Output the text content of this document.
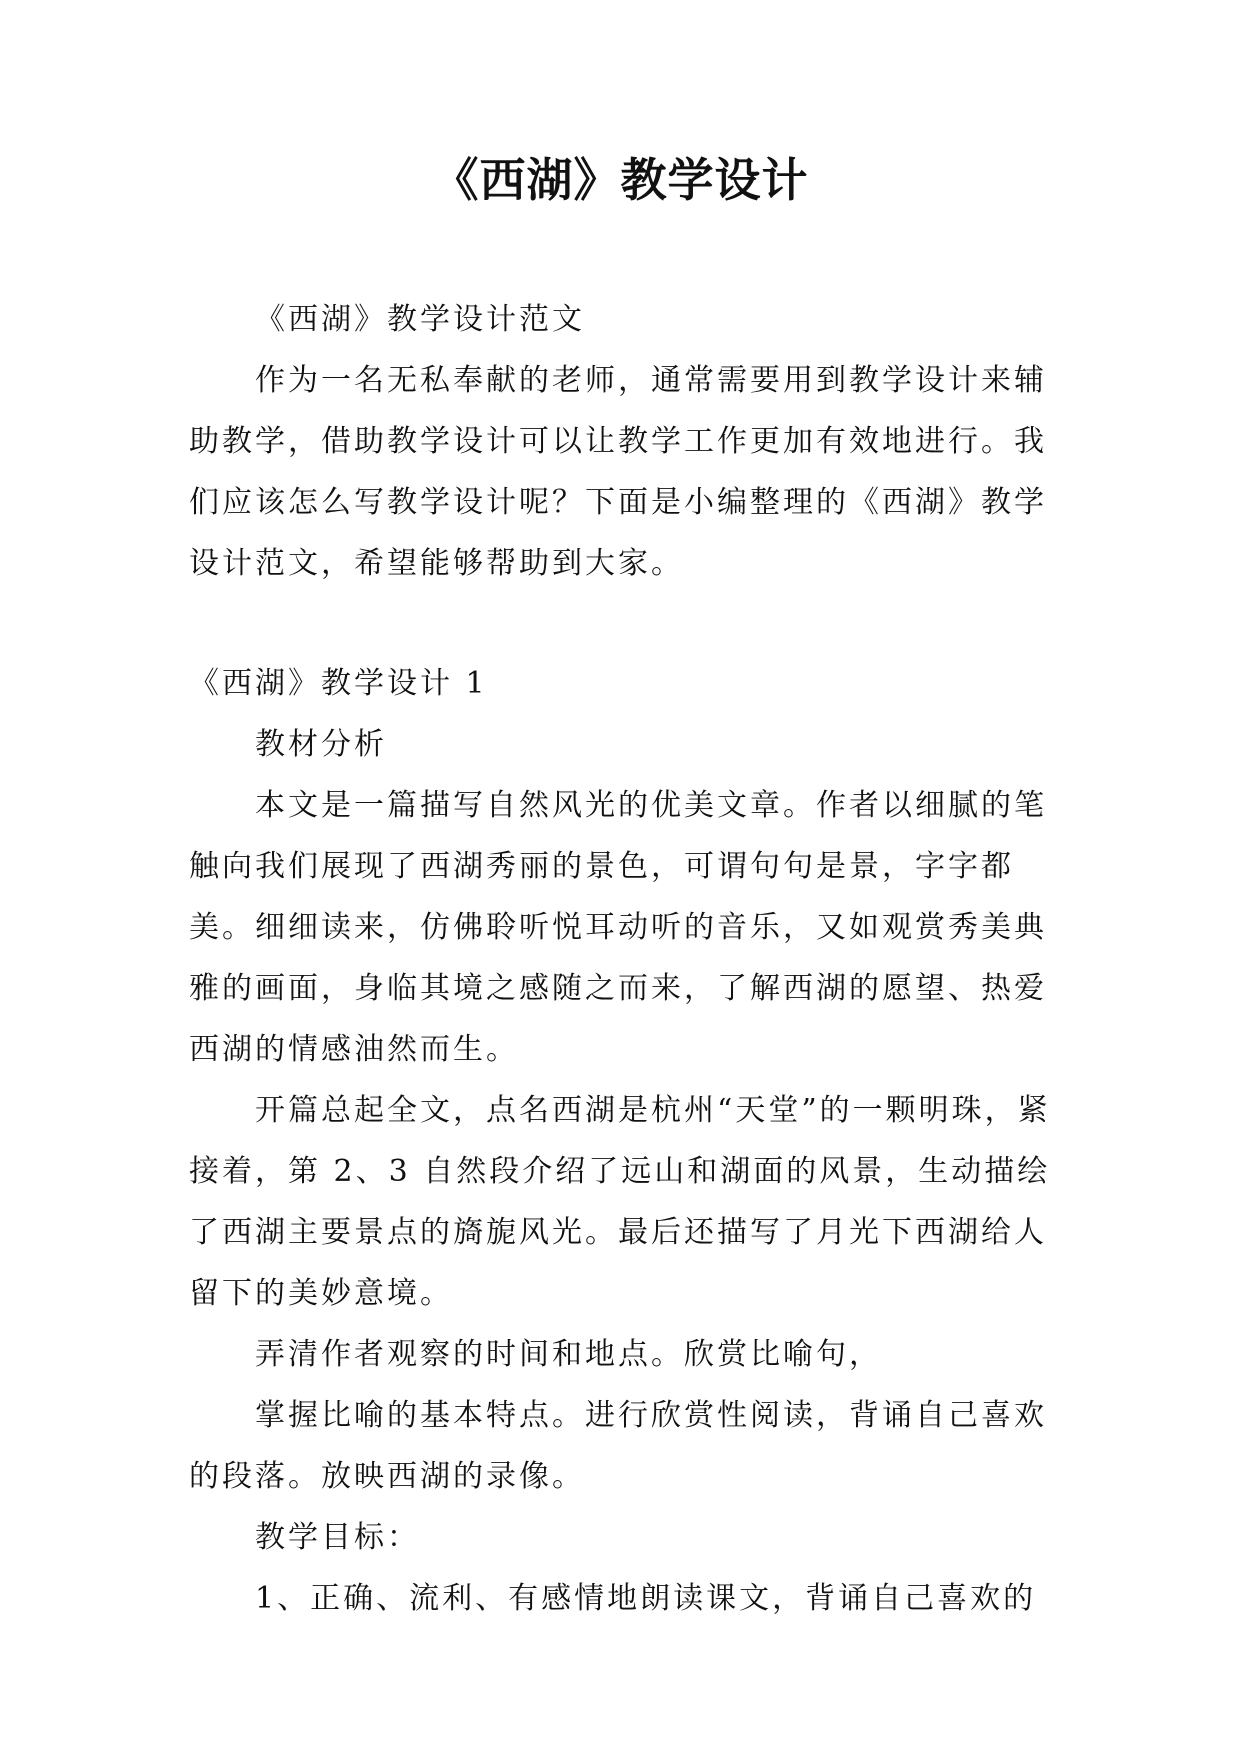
《西湖》教学设计

《西湖》教学设计范文

作为一名无私奉献的老师，通常需要用到教学设计来辅助教学，借助教学设计可以让教学工作更加有效地进行。我们应该怎么写教学设计呢？下面是小编整理的《西湖》教学设计范文，希望能够帮助到大家。

《西湖》教学设计 1

教材分析

本文是一篇描写自然风光的优美文章。作者以细腻的笔触向我们展现了西湖秀丽的景色，可谓句句是景，字字都美。细细读来，仿佛聆听悦耳动听的音乐，又如观赏秀美典雅的画面，身临其境之感随之而来，了解西湖的愿望、热爱西湖的情感油然而生。

开篇总起全文，点名西湖是杭州“天堂”的一颗明珠，紧接着，第 2、3 自然段介绍了远山和湖面的风景，生动描绘了西湖主要景点的旖旎风光。最后还描写了月光下西湖给人留下的美妙意境。

弄清作者观察的时间和地点。欣赏比喻句，

掌握比喻的基本特点。进行欣赏性阅读，背诵自己喜欢的段落。放映西湖的录像。

教学目标：

1、正确、流利、有感情地朗读课文，背诵自己喜欢的
